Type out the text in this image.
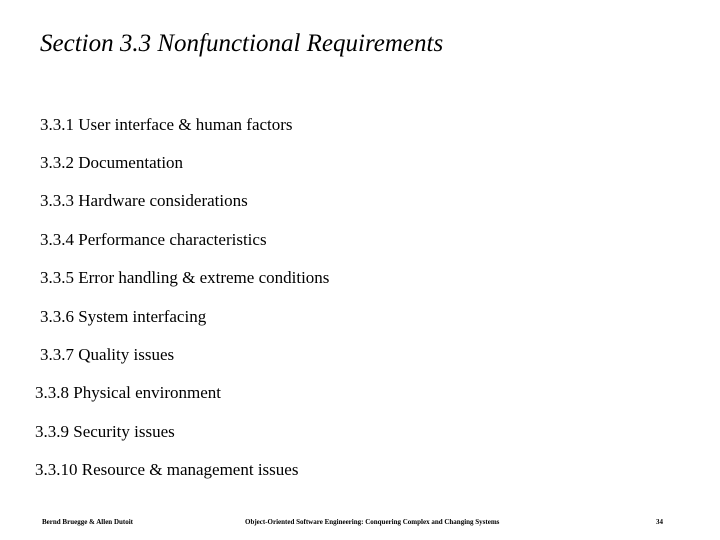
Section 3.3 Nonfunctional Requirements
3.3.1 User interface & human factors
3.3.2 Documentation
3.3.3 Hardware considerations
3.3.4 Performance characteristics
3.3.5 Error handling & extreme conditions
3.3.6 System interfacing
3.3.7 Quality issues
3.3.8 Physical environment
3.3.9 Security issues
3.3.10 Resource & management issues
Bernd Bruegge & Allen Dutoit	Object-Oriented Software Engineering: Conquering Complex and Changing Systems	34
